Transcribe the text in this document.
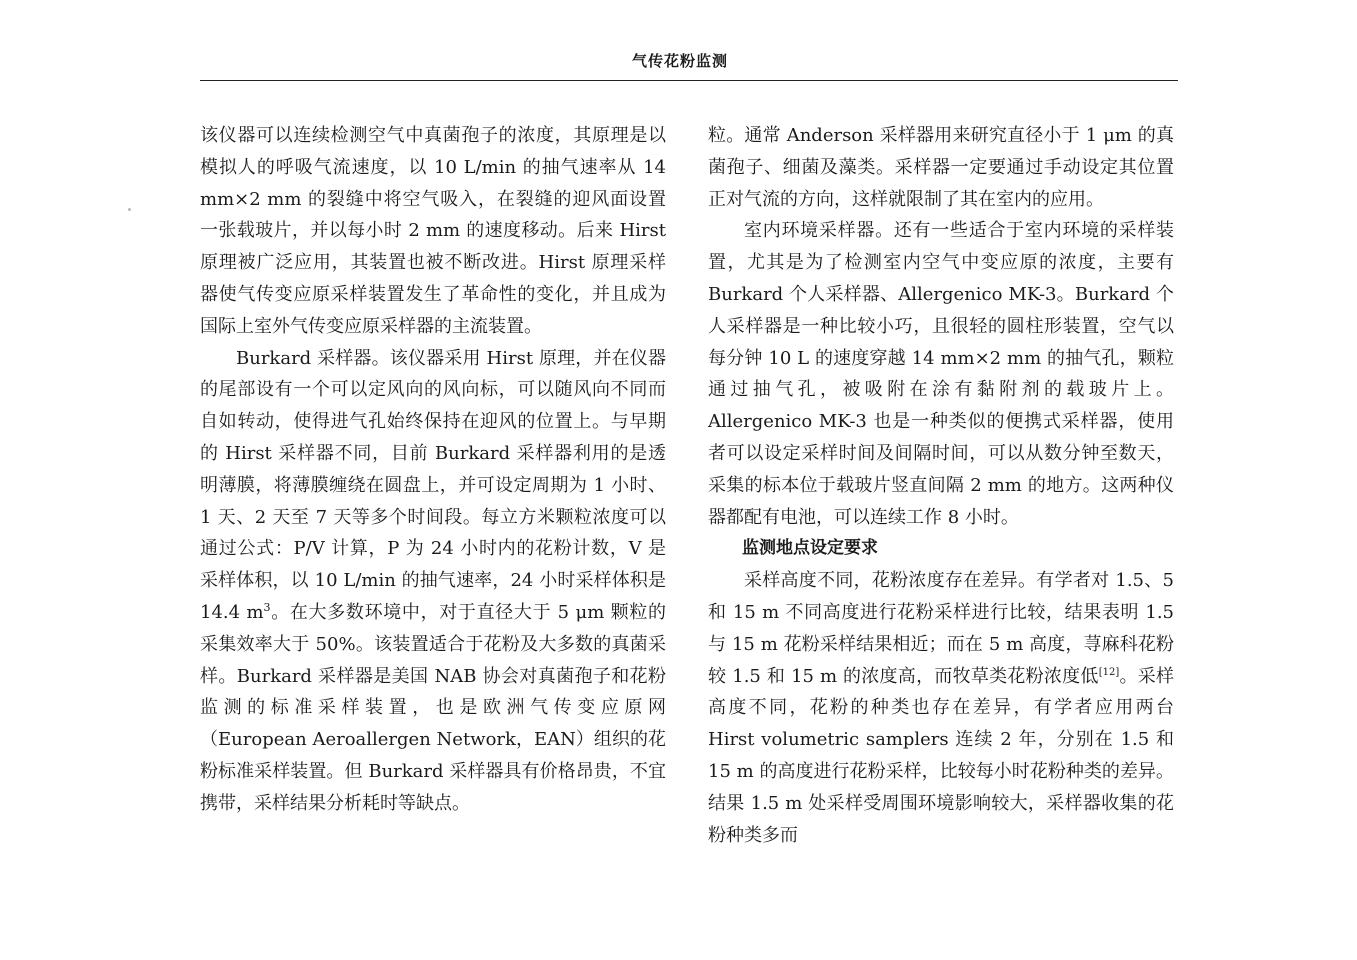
气传花粉监测

该仪器可以连续检测空气中真菌孢子的浓度，其原理是以模拟人的呼吸气流速度，以 10 L/min 的抽气速率从 14 mm×2 mm 的裂缝中将空气吸入，在裂缝的迎风面设置一张载玻片，并以每小时 2 mm 的速度移动。后来 Hirst 原理被广泛应用，其装置也被不断改进。Hirst 原理采样器使气传变应原采样装置发生了革命性的变化，并且成为国际上室外气传变应原采样器的主流装置。

Burkard 采样器。该仪器采用 Hirst 原理，并在仪器的尾部设有一个可以定风向的风向标，可以随风向不同而自如转动，使得进气孔始终保持在迎风的位置上。与早期的 Hirst 采样器不同，目前 Burkard 采样器利用的是透明薄膜，将薄膜缠绕在圆盘上，并可设定周期为 1 小时、1 天、2 天至 7 天等多个时间段。每立方米颗粒浓度可以通过公式：P/V 计算，P 为 24 小时内的花粉计数，V 是采样体积，以 10 L/min 的抽气速率，24 小时采样体积是 14.4 $m^3$。在大多数环境中，对于直径大于 5 μm 颗粒的采集效率大于 50%。该装置适合于花粉及大多数的真菌采样。Burkard 采样器是美国 NAB 协会对真菌孢子和花粉监测的标准采样装置，也是欧洲气传变应原网（European Aeroallergen Network，EAN）组织的花粉标准采样装置。但 Burkard 采样器具有价格昂贵，不宜携带，采样结果分析耗时等缺点。

粒。通常 Anderson 采样器用来研究直径小于 1 μm 的真菌孢子、细菌及藻类。采样器一定要通过手动设定其位置正对气流的方向，这样就限制了其在室内的应用。

室内环境采样器。还有一些适合于室内环境的采样装置，尤其是为了检测室内空气中变应原的浓度，主要有 Burkard 个人采样器、Allergenico MK-3。Burkard 个人采样器是一种比较小巧，且很轻的圆柱形装置，空气以每分钟 10 L 的速度穿越 14 mm×2 mm 的抽气孔，颗粒通过抽气孔，被吸附在涂有黏附剂的载玻片上。Allergenico MK-3 也是一种类似的便携式采样器，使用者可以设定采样时间及间隔时间，可以从数分钟至数天，采集的标本位于载玻片竖直间隔 2 mm 的地方。这两种仪器都配有电池，可以连续工作 8 小时。

监测地点设定要求

采样高度不同，花粉浓度存在差异。有学者对 1.5、5 和 15 m 不同高度进行花粉采样进行比较，结果表明 1.5 与 15 m 花粉采样结果相近；而在 5 m 高度，荨麻科花粉较 1.5 和 15 m 的浓度高，而牧草类花粉浓度低[12]。采样高度不同，花粉的种类也存在差异，有学者应用两台 Hirst volumetric samplers 连续 2 年，分别在 1.5 和 15 m 的高度进行花粉采样，比较每小时花粉种类的差异。结果 1.5 m 处采样受周围环境影响较大，采样器收集的花粉种类多而
